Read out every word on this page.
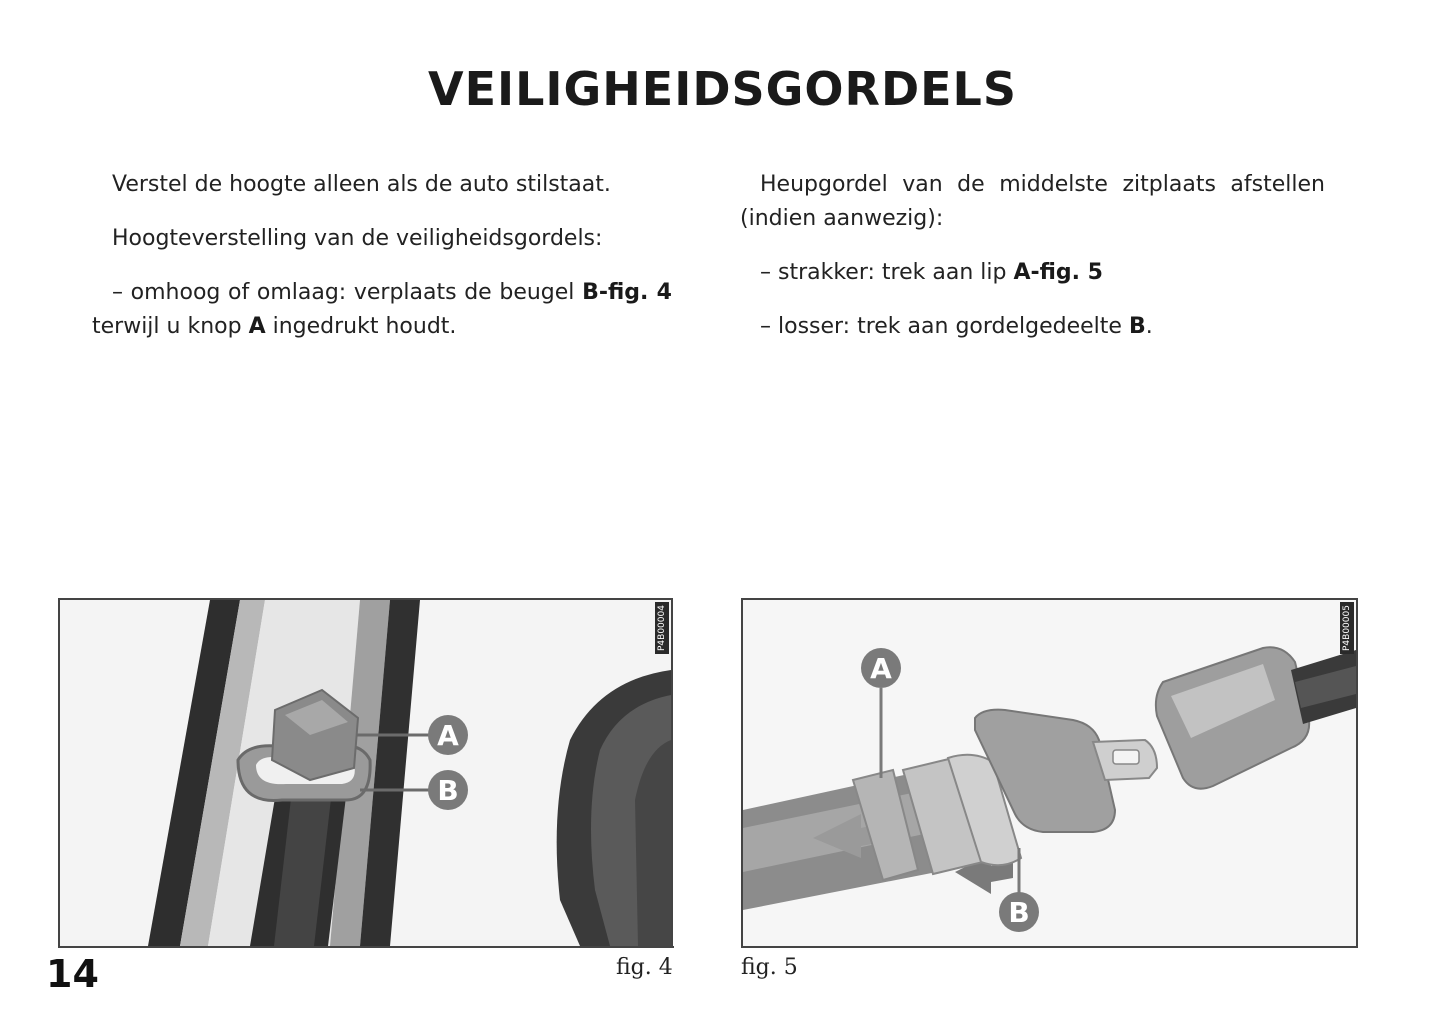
VEILIGHEIDSGORDELS

Verstel de hoogte alleen als de auto stilstaat.

Hoogteverstelling van de veiligheidsgordels:

– omhoog of omlaag: verplaats de beugel B-fig. 4 terwijl u knop A ingedrukt houdt.

Heupgordel van de middelste zitplaats afstellen (indien aanwezig):

– strakker: trek aan lip A-fig. 5

– losser: trek aan gordelgedeelte B.

A
B
P4B00004
fig. 4
A
B
P4B00005
fig. 5
14
